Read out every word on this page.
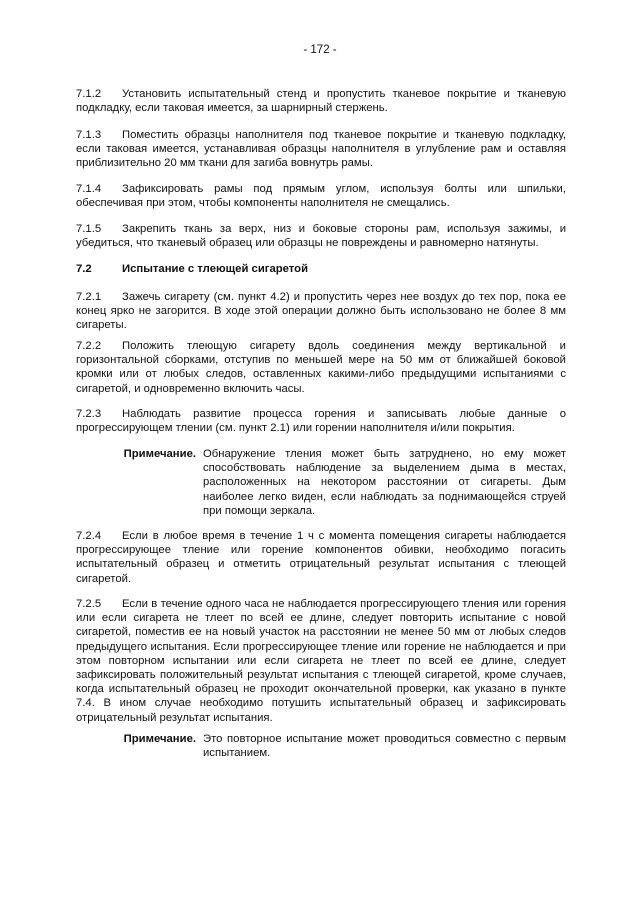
- 172 -

7.1.2 Установить испытательный стенд и пропустить тканевое покрытие и тканевую подкладку, если таковая имеется, за шарнирный стержень.

7.1.3 Поместить образцы наполнителя под тканевое покрытие и тканевую подкладку, если таковая имеется, устанавливая образцы наполнителя в углубление рам и оставляя приблизительно 20 мм ткани для загиба вовнутрь рамы.

7.1.4 Зафиксировать рамы под прямым углом, используя болты или шпильки, обеспечивая при этом, чтобы компоненты наполнителя не смещались.

7.1.5 Закрепить ткань за верх, низ и боковые стороны рам, используя зажимы, и убедиться, что тканевый образец или образцы не повреждены и равномерно натянуты.

7.2	Испытание с тлеющей сигаретой

7.2.1 Зажечь сигарету (см. пункт 4.2) и пропустить через нее воздух до тех пор, пока ее конец ярко не загорится. В ходе этой операции должно быть использовано не более 8 мм сигареты.

7.2.2 Положить тлеющую сигарету вдоль соединения между вертикальной и горизонтальной сборками, отступив по меньшей мере на 50 мм от ближайшей боковой кромки или от любых следов, оставленных какими-либо предыдущими испытаниями с сигаретой, и одновременно включить часы.

7.2.3 Наблюдать развитие процесса горения и записывать любые данные о прогрессирующем тлении (см. пункт 2.1) или горении наполнителя и/или покрытия.

Примечание. Обнаружение тления может быть затруднено, но ему может способствовать наблюдение за выделением дыма в местах, расположенных на некотором расстоянии от сигареты. Дым наиболее легко виден, если наблюдать за поднимающейся струей при помощи зеркала.

7.2.4 Если в любое время в течение 1 ч с момента помещения сигареты наблюдается прогрессирующее тление или горение компонентов обивки, необходимо погасить испытательный образец и отметить отрицательный результат испытания с тлеющей сигаретой.

7.2.5 Если в течение одного часа не наблюдается прогрессирующего тления или горения или если сигарета не тлеет по всей ее длине, следует повторить испытание с новой сигаретой, поместив ее на новый участок на расстоянии не менее 50 мм от любых следов предыдущего испытания. Если прогрессирующее тление или горение не наблюдается и при этом повторном испытании или если сигарета не тлеет по всей ее длине, следует зафиксировать положительный результат испытания с тлеющей сигаретой, кроме случаев, когда испытательный образец не проходит окончательной проверки, как указано в пункте 7.4. В ином случае необходимо потушить испытательный образец и зафиксировать отрицательный результат испытания.

Примечание. Это повторное испытание может проводиться совместно с первым испытанием.
